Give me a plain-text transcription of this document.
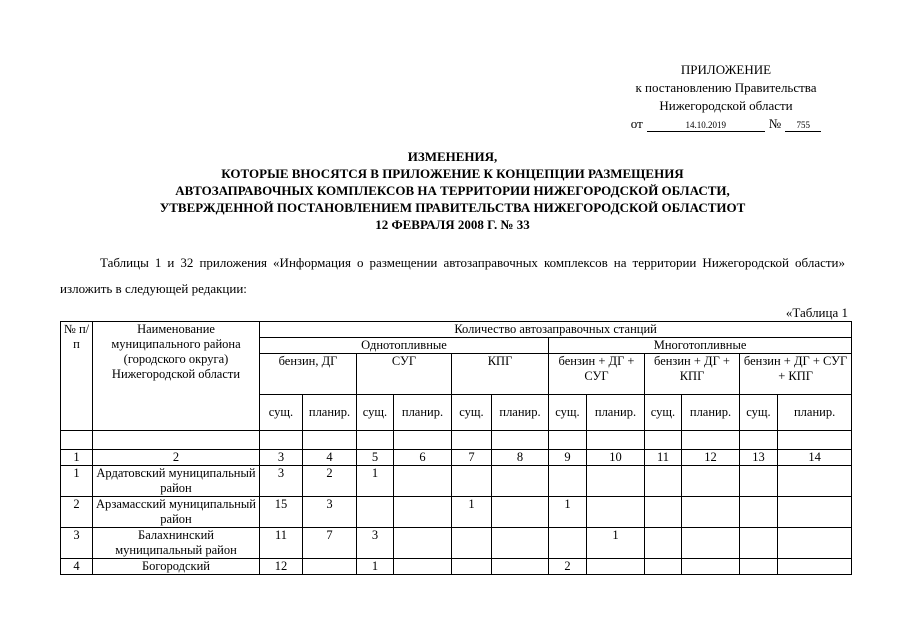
ПРИЛОЖЕНИЕ
к постановлению Правительства
Нижегородской области
от	14.10.2019	№	755
ИЗМЕНЕНИЯ,
КОТОРЫЕ ВНОСЯТСЯ В ПРИЛОЖЕНИЕ К КОНЦЕПЦИИ РАЗМЕЩЕНИЯ
АВТОЗАПРАВОЧНЫХ КОМПЛЕКСОВ НА ТЕРРИТОРИИ НИЖЕГОРОДСКОЙ ОБЛАСТИ,
УТВЕРЖДЕННОЙ ПОСТАНОВЛЕНИЕМ ПРАВИТЕЛЬСТВА НИЖЕГОРОДСКОЙ ОБЛАСТИОТ
12 ФЕВРАЛЯ 2008 Г. № 33
Таблицы 1 и 32 приложения «Информация о размещении автозаправочных комплексов на территории Нижегородской области» изложить в следующей редакции:
«Таблица 1
№ п/п	Наименование муниципального района (городского округа) Нижегородской области	Количество автозаправочных станций											
		Однотопливные						Многотопливные					
		бензин, ДГ		СУГ		КПГ		бензин + ДГ + СУГ		бензин + ДГ + КПГ		бензин + ДГ + СУГ + КПГ	
		сущ.	планир.	сущ.	планир.	сущ.	планир.	сущ.	планир.	сущ.	планир.	сущ.	планир.

1	2	3	4	5	6	7	8	9	10	11	12	13	14
1	Ардатовский муниципальный район	3	2	1									
2	Арзамасский муниципальный район	15	3			1		1					
3	Балахнинский муниципальный район	11	7	3					1				
4	Богородский	12		1				2					
